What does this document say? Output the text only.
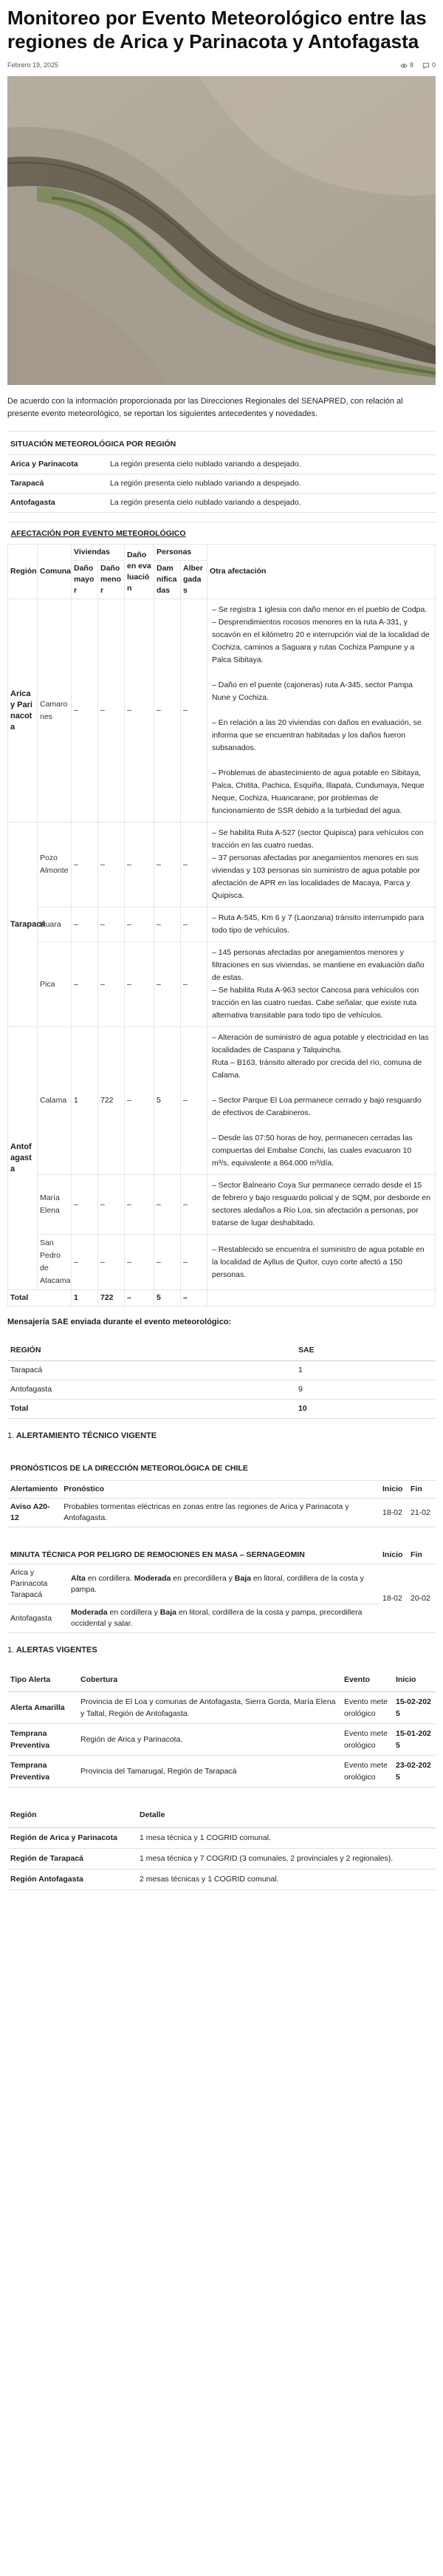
Monitoreo por Evento Meteorológico entre las regiones de Arica y Parinacota y Antofagasta
Febrero 19, 2025	8	0

De acuerdo con la información proporcionada por las Direcciones Regionales del SENAPRED, con relación al presente evento meteorológico, se reportan los siguientes antecedentes y novedades.

SITUACIÓN METEOROLÓGICA POR REGIÓN	
Arica y Parinacota	La región presenta cielo nublado variando a despejado.
Tarapacá	La región presenta cielo nublado variando a despejado.
Antofagasta	La región presenta cielo nublado variando a despejado.
AFECTACIÓN POR EVENTO METEOROLÓGICO							
Región	Comuna	Viviendas		Daño en evaluación	Personas		Otra afectación
		Daño mayor	Daño menor		Damnificadas	Albergadas	
Arica y Parinacota	Camarones	–	–	–	–	–	– Se registra 1 iglesia con daño menor en el pueblo de Codpa.

– Desprendimientos rocosos menores en la ruta A-331, y socavón en el kilómetro 20 e interrupción vial de la localidad de Cochiza, caminos a Saguara y rutas Cochiza Pampune y a Palca Sibitaya.

– Daño en el puente (cajoneras) ruta A-345, sector Pampa Nune y Cochiza.

– En relación a las 20 viviendas con daños en evaluación, se informa que se encuentran habitadas y los daños fueron subsanados.

– Problemas de abastecimiento de agua potable en Sibitaya, Palca, Chitita, Pachica, Esquiña, Illapata, Cundumaya, Neque Neque, Cochiza, Huancarane, por problemas de funcionamiento de SSR debido a la turbiedad del agua.

Tarapacá	Pozo Almonte	–	–	–	–	–	– Se habilita Ruta A-527 (sector Quipisca) para vehículos con tracción en las cuatro ruedas.

– 37 personas afectadas por anegamientos menores en sus viviendas y 103 personas sin suministro de agua potable por afectación de APR en las localidades de Macaya, Parca y Quipisca.

	Huara	–	–	–	–	–	– Ruta A-545, Km 6 y 7 (Laonzana) tránsito interrumpido para todo tipo de vehículos.

	Pica	–	–	–	–	–	– 145 personas afectadas por anegamientos menores y filtraciones en sus viviendas, se mantiene en evaluación daño de estas.

– Se habilita Ruta A-963 sector Cancosa para vehículos con tracción en las cuatro ruedas. Cabe señalar, que existe ruta alternativa transitable para todo tipo de vehículos.

Antofagasta	Calama	1	722	–	5	–	– Alteración de suministro de agua potable y electricidad en las localidades de Caspana y Talquincha.

Ruta – B163, tránsito alterado por crecida del río, comuna de Calama.

– Sector Parque El Loa permanece cerrado y bajo resguardo de efectivos de Carabineros.

– Desde las 07:50 horas de hoy, permanecen cerradas las compuertas del Embalse Conchi, las cuales evacuaron 10 m³/s, equivalente a 864.000 m³/día.

	María Elena	–	–	–	–	–	– Sector Balneario Coya Sur permanece cerrado desde el 15 de febrero y bajo resguardo policial y de SQM, por desborde en sectores aledaños a Río Loa, sin afectación a personas, por tratarse de lugar deshabitado.

	San Pedro de Atacama	–	–	–	–	–	– Restablecido se encuentra el suministro de agua potable en la localidad de Ayllus de Quitor, cuyo corte afectó a 150 personas.

Total		1	722	–	5	–	

Mensajería SAE enviada durante el evento meteorológico:

REGIÓN	SAE
Tarapacá	1
Antofagasta	9
Total	10

1. ALERTAMIENTO TÉCNICO VIGENTE

PRONÓSTICOS DE LA DIRECCIÓN METEOROLÓGICA DE CHILE			
Alertamiento	Pronóstico	Inicio	Fin
Aviso A20-12	Probables tormentas eléctricas en zonas entre las regiones de Arica y Parinacota y Antofagasta.	18-02	21-02
MINUTA TÉCNICA POR PELIGRO DE REMOCIONES EN MASA – SERNAGEOMIN		Inicio	Fin
Arica y Parinacota Tarapacá	Alta en cordillera. Moderada en precordillera y Baja en litoral, cordillera de la costa y pampa.	18-02	20-02
Antofagasta	Moderada en cordillera y Baja en litoral, cordillera de la costa y pampa, precordillera occidental y salar.		

1. ALERTAS VIGENTES

Tipo Alerta	Cobertura	Evento	Inicio
Alerta Amarilla	Provincia de El Loa y comunas de Antofagasta, Sierra Gorda, María Elena y Taltal, Región de Antofagasta.	Evento meteorológico	15-02-2025
Temprana Preventiva	Región de Arica y Parinacota.	Evento meteorológico	15-01-2025
Temprana Preventiva	Provincia del Tamarugal, Región de Tarapacá	Evento meteorológico	23-02-2025
Región	Detalle
Región de Arica y Parinacota	1 mesa técnica y 1 COGRID comunal.
Región de Tarapacá	1 mesa técnica y 7 COGRID (3 comunales, 2 provinciales y 2 regionales).
Región Antofagasta	2 mesas técnicas y 1 COGRID comunal.
